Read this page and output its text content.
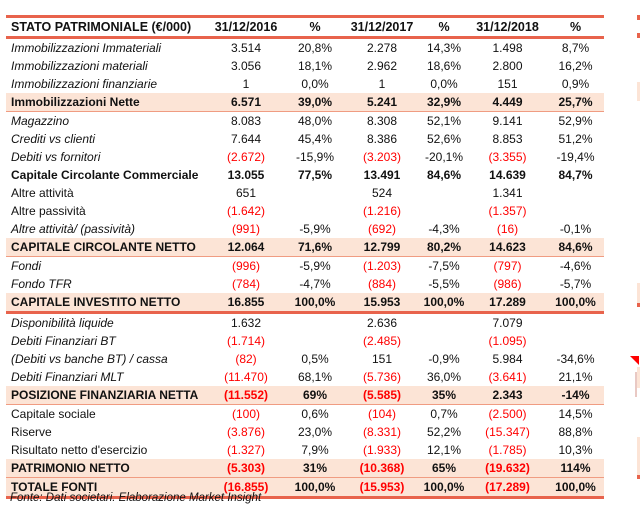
STATO PATRIMONIALE (€/000)	31/12/2016	%	31/12/2017	%	31/12/2018	%
Immobilizzazioni Immateriali	3.514	20,8%	2.278	14,3%	1.498	8,7%
Immobilizzazioni materiali	3.056	18,1%	2.962	18,6%	2.800	16,2%
Immobilizzazioni finanziarie	1	0,0%	1	0,0%	151	0,9%
Immobilizzazioni Nette	6.571	39,0%	5.241	32,9%	4.449	25,7%
Magazzino	8.083	48,0%	8.308	52,1%	9.141	52,9%
Crediti vs clienti	7.644	45,4%	8.386	52,6%	8.853	51,2%
Debiti vs fornitori	(2.672)	-15,9%	(3.203)	-20,1%	(3.355)	-19,4%
Capitale Circolante Commerciale	13.055	77,5%	13.491	84,6%	14.639	84,7%
Altre attività	651		524		1.341	
Altre passività	(1.642)		(1.216)		(1.357)	
Altre attività/ (passività)	(991)	-5,9%	(692)	-4,3%	(16)	-0,1%
CAPITALE CIRCOLANTE NETTO	12.064	71,6%	12.799	80,2%	14.623	84,6%
Fondi	(996)	-5,9%	(1.203)	-7,5%	(797)	-4,6%
Fondo TFR	(784)	-4,7%	(884)	-5,5%	(986)	-5,7%
CAPITALE INVESTITO NETTO	16.855	100,0%	15.953	100,0%	17.289	100,0%
Disponibilità liquide	1.632		2.636		7.079	
Debiti Finanziari BT	(1.714)		(2.485)		(1.095)	
(Debiti vs banche BT) / cassa	(82)	0,5%	151	-0,9%	5.984	-34,6%
Debiti Finanziari MLT	(11.470)	68,1%	(5.736)	36,0%	(3.641)	21,1%
POSIZIONE FINANZIARIA NETTA	(11.552)	69%	(5.585)	35%	2.343	-14%
Capitale sociale	(100)	0,6%	(104)	0,7%	(2.500)	14,5%
Riserve	(3.876)	23,0%	(8.331)	52,2%	(15.347)	88,8%
Risultato netto d'esercizio	(1.327)	7,9%	(1.933)	12,1%	(1.785)	10,3%
PATRIMONIO NETTO	(5.303)	31%	(10.368)	65%	(19.632)	114%
TOTALE FONTI	(16.855)	100,0%	(15.953)	100,0%	(17.289)	100,0%
Fonte: Dati societari. Elaborazione Market Insight
